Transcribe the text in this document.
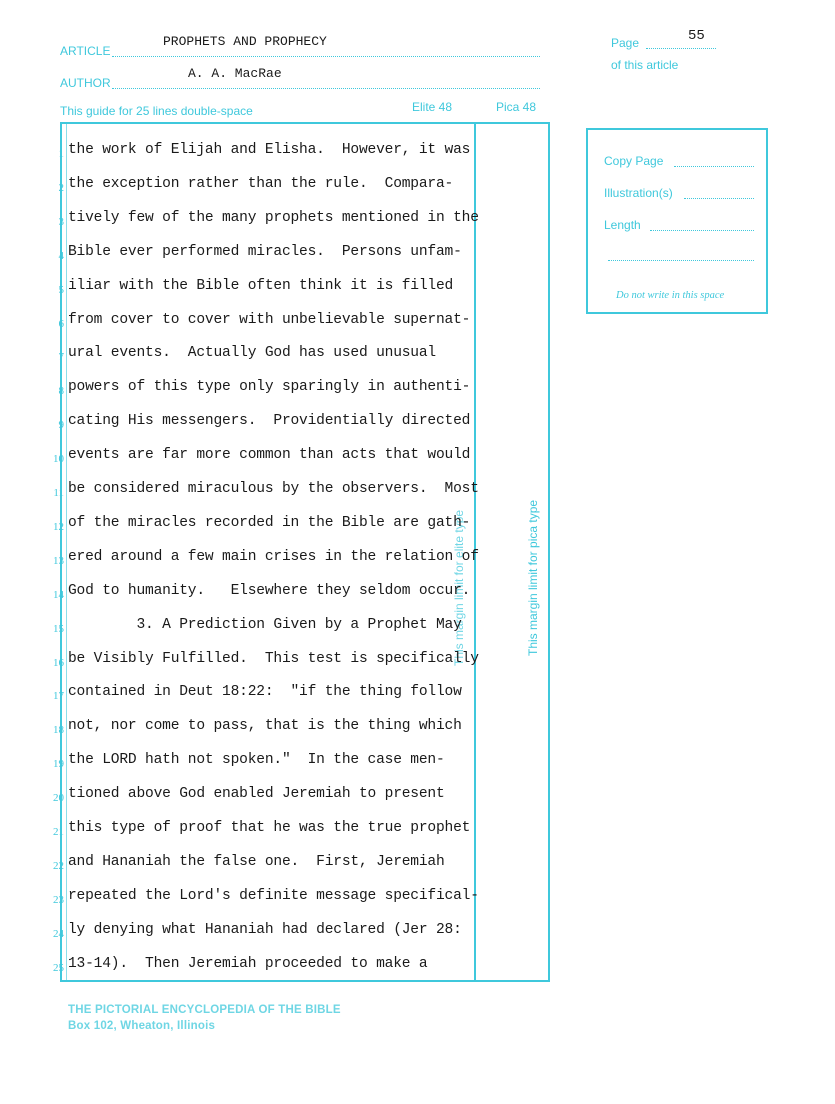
ARTICLE
PROPHETS AND PROPHECY
AUTHOR
A. A. MacRae
Page	55
of this article
This guide for 25 lines double-space	Elite 48	Pica 48
This margin limit for elite type	This margin limit for pica type
1 the work of Elijah and Elisha.  However, it was
2 the exception rather than the rule.  Compara-
3 tively few of the many prophets mentioned in the
4 Bible ever performed miracles.  Persons unfam-
5 iliar with the Bible often think it is filled
6 from cover to cover with unbelievable supernat-
7 ural events.  Actually God has used unusual
8 powers of this type only sparingly in authenti-
9 cating His messengers.  Providentially directed
10 events are far more common than acts that would
11 be considered miraculous by the observers.  Most
12 of the miracles recorded in the Bible are gath-
13 ered around a few main crises in the relation of
14 God to humanity.   Elsewhere they seldom occur.
15 3. A Prediction Given by a Prophet May
16 be Visibly Fulfilled.  This test is specifically
17 contained in Deut 18:22:  "if the thing follow
18 not, nor come to pass, that is the thing which
19 the LORD hath not spoken."  In the case men-
20 tioned above God enabled Jeremiah to present
21 this type of proof that he was the true prophet
22 and Hananiah the false one.  First, Jeremiah
23 repeated the Lord's definite message specifical-
24 ly denying what Hananiah had declared (Jer 28:
25 13-14).  Then Jeremiah proceeded to make a
Copy Page
Illustration(s)
Length
Do not write in this space
THE PICTORIAL ENCYCLOPEDIA OF THE BIBLE
Box 102, Wheaton, Illinois
